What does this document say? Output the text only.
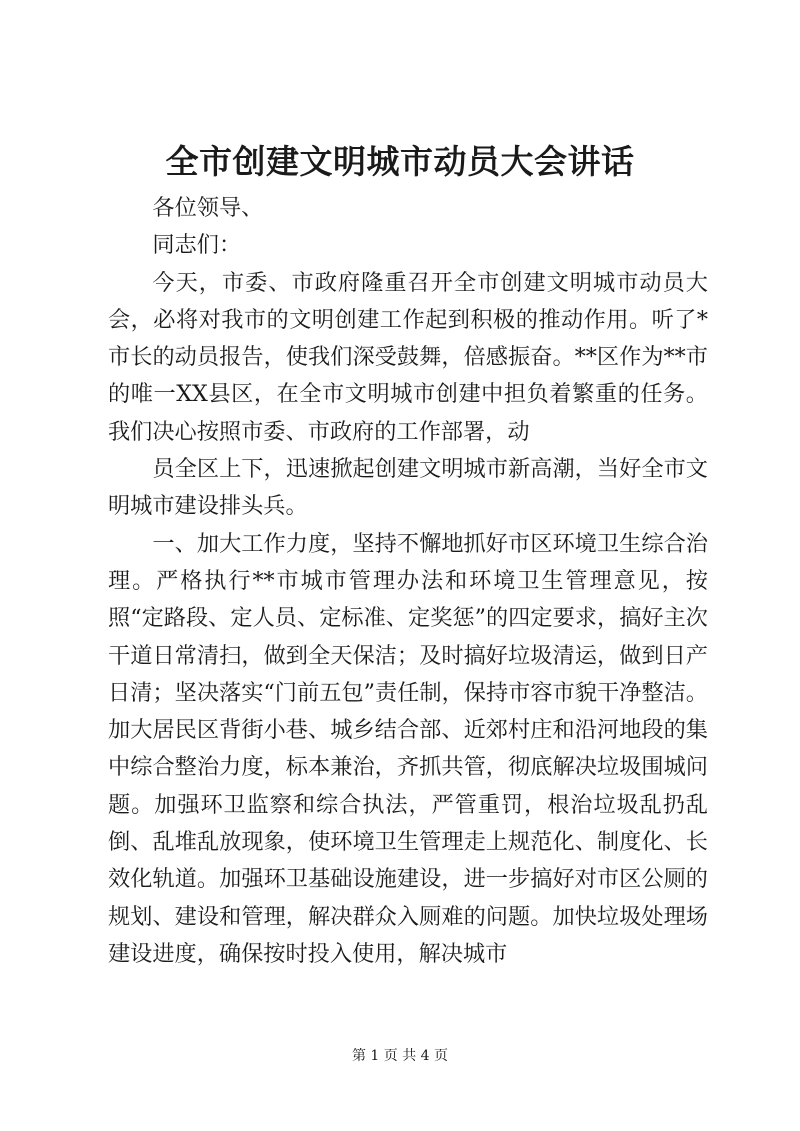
全市创建文明城市动员大会讲话

各位领导、

同志们：

今天，市委、市政府隆重召开全市创建文明城市动员大会，必将对我市的文明创建工作起到积极的推动作用。听了*市长的动员报告，使我们深受鼓舞，倍感振奋。**区作为**市的唯一XX县区，在全市文明城市创建中担负着繁重的任务。我们决心按照市委、市政府的工作部署，动

员全区上下，迅速掀起创建文明城市新高潮，当好全市文明城市建设排头兵。

一、加大工作力度，坚持不懈地抓好市区环境卫生综合治理。严格执行**市城市管理办法和环境卫生管理意见，按照“定路段、定人员、定标准、定奖惩”的四定要求，搞好主次干道日常清扫，做到全天保洁；及时搞好垃圾清运，做到日产日清；坚决落实“门前五包”责任制，保持市容市貌干净整洁。加大居民区背街小巷、城乡结合部、近郊村庄和沿河地段的集中综合整治力度，标本兼治，齐抓共管，彻底解决垃圾围城问题。加强环卫监察和综合执法，严管重罚，根治垃圾乱扔乱倒、乱堆乱放现象，使环境卫生管理走上规范化、制度化、长效化轨道。加强环卫基础设施建设，进一步搞好对市区公厕的规划、建设和管理，解决群众入厕难的问题。加快垃圾处理场建设进度，确保按时投入使用，解决城市

第 1 页 共 4 页
